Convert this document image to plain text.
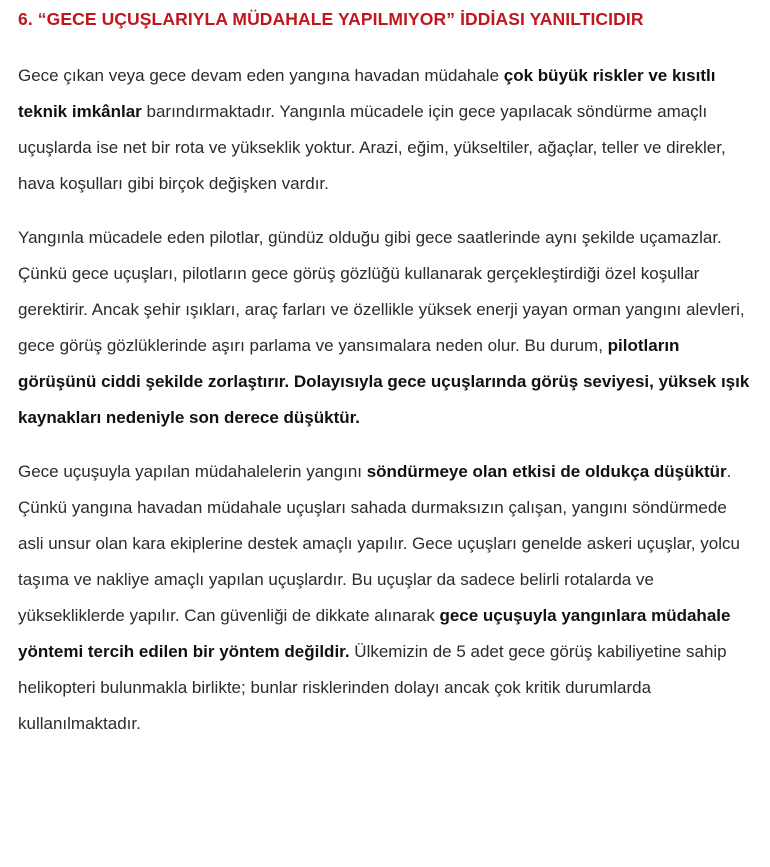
6. “GECE UÇUŞLARIYLA MÜDAHALE YAPILMIYOR” İDDİASI YANILTICIDIR

Gece çıkan veya gece devam eden yangına havadan müdahale çok büyük riskler ve kısıtlı teknik imkânlar barındırmaktadır. Yangınla mücadele için gece yapılacak söndürme amaçlı uçuşlarda ise net bir rota ve yükseklik yoktur. Arazi, eğim, yükseltiler, ağaçlar, teller ve direkler, hava koşulları gibi birçok değişken vardır.

Yangınla mücadele eden pilotlar, gündüz olduğu gibi gece saatlerinde aynı şekilde uçamazlar. Çünkü gece uçuşları, pilotların gece görüş gözlüğü kullanarak gerçekleştirdiği özel koşullar gerektirir. Ancak şehir ışıkları, araç farları ve özellikle yüksek enerji yayan orman yangını alevleri, gece görüş gözlüklerinde aşırı parlama ve yansımalara neden olur. Bu durum, pilotların görüşünü ciddi şekilde zorlaştırır. Dolayısıyla gece uçuşlarında görüş seviyesi, yüksek ışık kaynakları nedeniyle son derece düşüktür.

Gece uçuşuyla yapılan müdahalelerin yangını söndürmeye olan etkisi de oldukça düşüktür. Çünkü yangına havadan müdahale uçuşları sahada durmaksızın çalışan, yangını söndürmede asli unsur olan kara ekiplerine destek amaçlı yapılır. Gece uçuşları genelde askeri uçuşlar, yolcu taşıma ve nakliye amaçlı yapılan uçuşlardır. Bu uçuşlar da sadece belirli rotalarda ve yüksekliklerde yapılır. Can güvenliği de dikkate alınarak gece uçuşuyla yangınlara müdahale yöntemi tercih edilen bir yöntem değildir. Ülkemizin de 5 adet gece görüş kabiliyetine sahip helikopteri bulunmakla birlikte; bunlar risklerinden dolayı ancak çok kritik durumlarda kullanılmaktadır.
